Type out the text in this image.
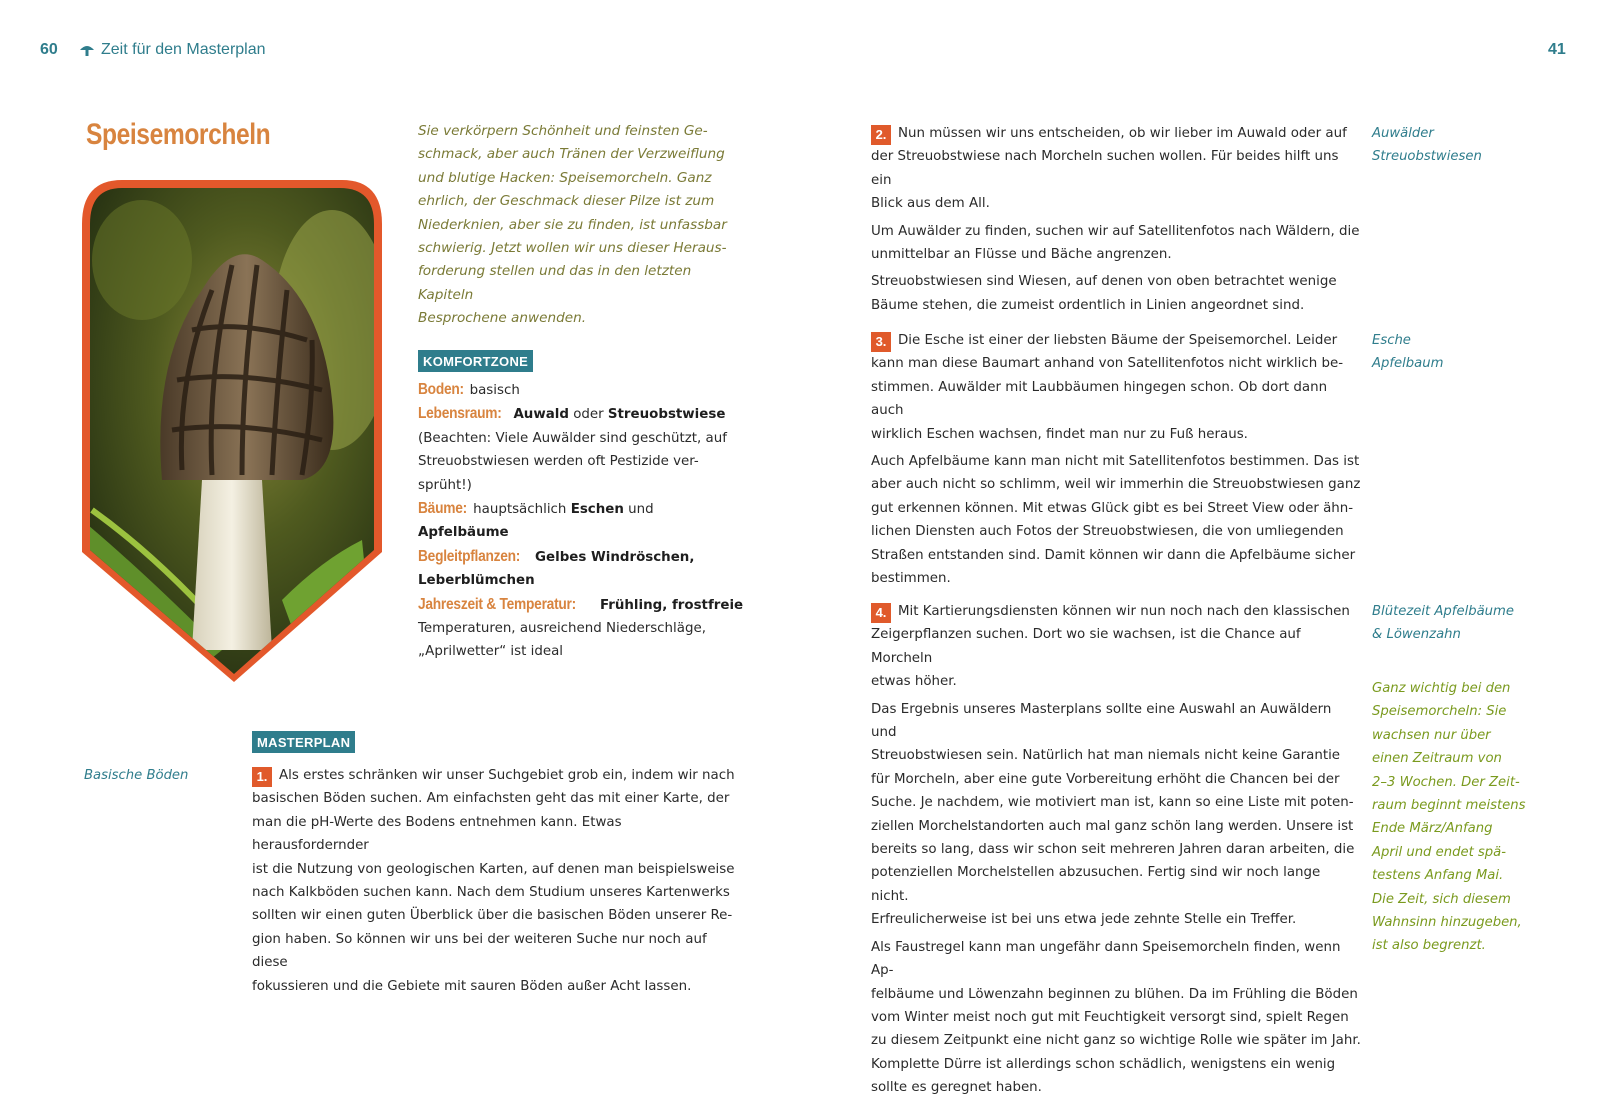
60	Zeit für den Masterplan	41
Speisemorcheln	Sie verkörpern Schönheit und feinsten Ge-
schmack, aber auch Tränen der Verzweiflung
und blutige Hacken: Speisemorcheln. Ganz
ehrlich, der Geschmack dieser Pilze ist zum
Niederknien, aber sie zu finden, ist unfassbar
schwierig. Jetzt wollen wir uns dieser Heraus-
forderung stellen und das in den letzten Kapiteln
Besprochene anwenden.
KOMFORTZONE
Boden: basisch
Lebensraum: Auwald oder Streuobstwiese
(Beachten: Viele Auwälder sind geschützt, auf
Streuobstwiesen werden oft Pestizide ver-
sprüht!)
Bäume: hauptsächlich Eschen und Apfelbäume
Begleitpflanzen: Gelbes Windröschen,
Leberblümchen
Jahreszeit & Temperatur: Frühling, frostfreie
Temperaturen, ausreichend Niederschläge,
„Aprilwetter“ ist ideal
MASTERPLAN
Basische Böden	1. Als erstes schränken wir unser Suchgebiet grob ein, indem wir nach
basischen Böden suchen. Am einfachsten geht das mit einer Karte, der
man die pH-Werte des Bodens entnehmen kann. Etwas herausfordernder
ist die Nutzung von geologischen Karten, auf denen man beispielsweise
nach Kalkböden suchen kann. Nach dem Studium unseres Kartenwerks
sollten wir einen guten Überblick über die basischen Böden unserer Re-
gion haben. So können wir uns bei der weiteren Suche nur noch auf diese
fokussieren und die Gebiete mit sauren Böden außer Acht lassen.

2. Nun müssen wir uns entscheiden, ob wir lieber im Auwald oder auf
der Streuobstwiese nach Morcheln suchen wollen. Für beides hilft uns ein
Blick aus dem All.

Um Auwälder zu finden, suchen wir auf Satellitenfotos nach Wäldern, die
unmittelbar an Flüsse und Bäche angrenzen.

Streuobstwiesen sind Wiesen, auf denen von oben betrachtet wenige
Bäume stehen, die zumeist ordentlich in Linien angeordnet sind.

Auwälder
Streuobstwiesen

3. Die Esche ist einer der liebsten Bäume der Speisemorchel. Leider
kann man diese Baumart anhand von Satellitenfotos nicht wirklich be-
stimmen. Auwälder mit Laubbäumen hingegen schon. Ob dort dann auch
wirklich Eschen wachsen, findet man nur zu Fuß heraus.

Auch Apfelbäume kann man nicht mit Satellitenfotos bestimmen. Das ist
aber auch nicht so schlimm, weil wir immerhin die Streuobstwiesen ganz
gut erkennen können. Mit etwas Glück gibt es bei Street View oder ähn-
lichen Diensten auch Fotos der Streuobstwiesen, die von umliegenden
Straßen entstanden sind. Damit können wir dann die Apfelbäume sicher
bestimmen.

Esche
Apfelbaum

4. Mit Kartierungsdiensten können wir nun noch nach den klassischen
Zeigerpflanzen suchen. Dort wo sie wachsen, ist die Chance auf Morcheln
etwas höher.

Das Ergebnis unseres Masterplans sollte eine Auswahl an Auwäldern und
Streuobstwiesen sein. Natürlich hat man niemals nicht keine Garantie
für Morcheln, aber eine gute Vorbereitung erhöht die Chancen bei der
Suche. Je nachdem, wie motiviert man ist, kann so eine Liste mit poten-
ziellen Morchelstandorten auch mal ganz schön lang werden. Unsere ist
bereits so lang, dass wir schon seit mehreren Jahren daran arbeiten, die
potenziellen Morchelstellen abzusuchen. Fertig sind wir noch lange nicht.
Erfreulicherweise ist bei uns etwa jede zehnte Stelle ein Treffer.

Als Faustregel kann man ungefähr dann Speisemorcheln finden, wenn Ap-
felbäume und Löwenzahn beginnen zu blühen. Da im Frühling die Böden
vom Winter meist noch gut mit Feuchtigkeit versorgt sind, spielt Regen
zu diesem Zeitpunkt eine nicht ganz so wichtige Rolle wie später im Jahr.
Komplette Dürre ist allerdings schon schädlich, wenigstens ein wenig
sollte es geregnet haben.

Blütezeit Apfelbäume
& Löwenzahn
Ganz wichtig bei den
Speisemorcheln: Sie
wachsen nur über
einen Zeitraum von
2–3 Wochen. Der Zeit-
raum beginnt meistens
Ende März/Anfang
April und endet spä-
testens Anfang Mai.
Die Zeit, sich diesem
Wahnsinn hinzugeben,
ist also begrenzt.
